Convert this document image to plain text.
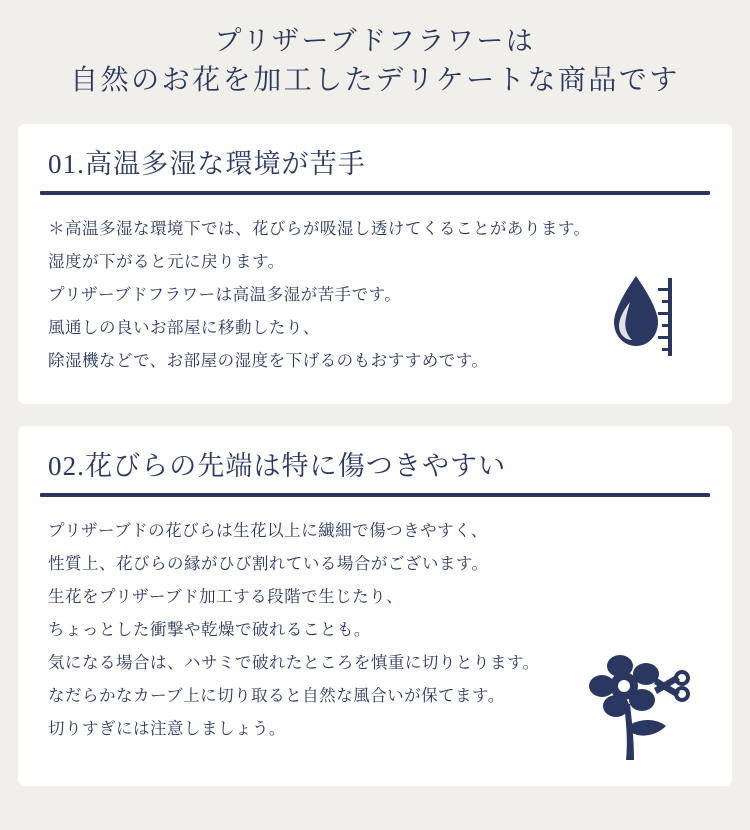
プリザーブドフラワーは
自然のお花を加工したデリケートな商品です
01.高温多湿な環境が苦手
＊高温多湿な環境下では、花びらが吸湿し透けてくることがあります。
湿度が下がると元に戻ります。
プリザーブドフラワーは高温多湿が苦手です。
風通しの良いお部屋に移動したり、
除湿機などで、お部屋の湿度を下げるのもおすすめです。
02.花びらの先端は特に傷つきやすい
プリザーブドの花びらは生花以上に繊細で傷つきやすく、
性質上、花びらの縁がひび割れている場合がございます。
生花をプリザーブド加工する段階で生じたり、
ちょっとした衝撃や乾燥で破れることも。
気になる場合は、ハサミで破れたところを慎重に切りとります。
なだらかなカーブ上に切り取ると自然な風合いが保てます。
切りすぎには注意しましょう。
